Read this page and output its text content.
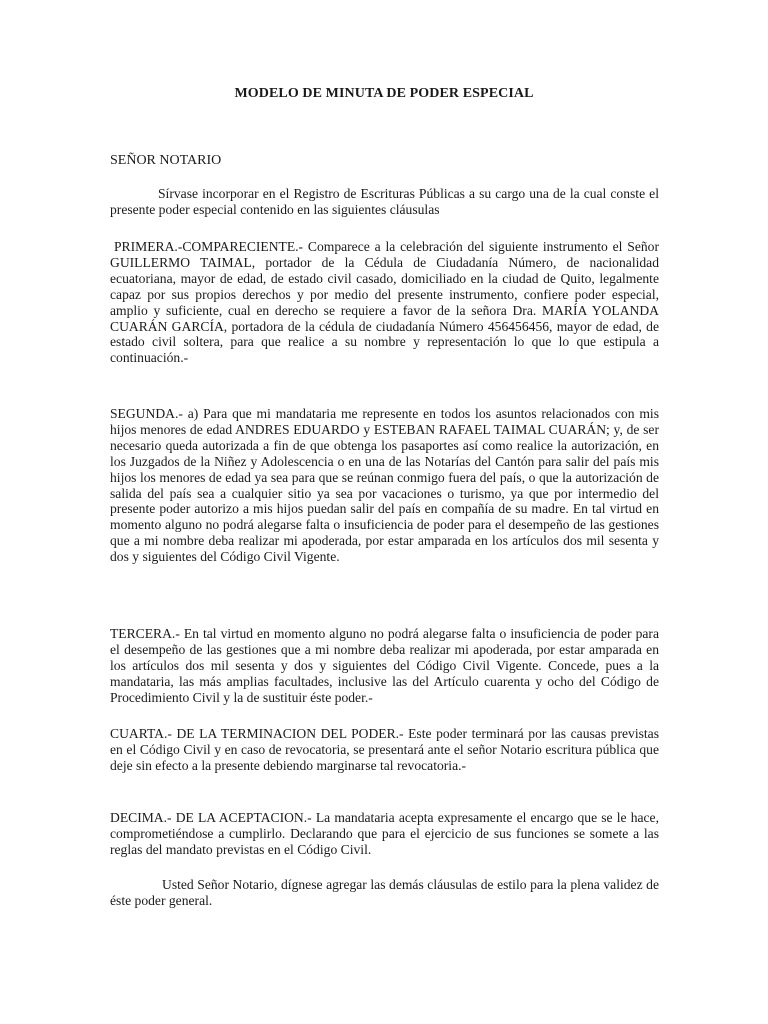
MODELO DE MINUTA DE PODER ESPECIAL
SEÑOR NOTARIO

Sírvase incorporar en el Registro de Escrituras Públicas a su cargo una de la cual conste el presente poder especial contenido en las siguientes cláusulas

PRIMERA.-COMPARECIENTE.- Comparece a la celebración del siguiente instrumento el Señor GUILLERMO TAIMAL, portador de la Cédula de Ciudadanía Número, de nacionalidad ecuatoriana, mayor de edad, de estado civil casado, domiciliado en la ciudad de Quito, legalmente capaz por sus propios derechos y por medio del presente instrumento, confiere poder especial, amplio y suficiente, cual en derecho se requiere a favor de la señora Dra. MARÍA YOLANDA CUARÁN GARCÍA, portadora de la cédula de ciudadanía Número 456456456, mayor de edad, de estado civil soltera, para que realice a su nombre y representación lo que lo que estipula a continuación.-

SEGUNDA.- a) Para que mi mandataria me represente en todos los asuntos relacionados con mis hijos menores de edad ANDRES EDUARDO y ESTEBAN RAFAEL TAIMAL CUARÁN; y, de ser necesario queda autorizada a fin de que obtenga los pasaportes así como realice la autorización, en los Juzgados de la Niñez y Adolescencia o en una de las Notarías del Cantón para salir del país mis hijos los menores de edad ya sea para que se reúnan conmigo fuera del país, o que la autorización de salida del país sea a cualquier sitio ya sea por vacaciones o turismo, ya que por intermedio del presente poder autorizo a mis hijos puedan salir del país en compañía de su madre. En tal virtud en momento alguno no podrá alegarse falta o insuficiencia de poder para el desempeño de las gestiones que a mi nombre deba realizar mi apoderada, por estar amparada en los artículos dos mil sesenta y dos y siguientes del Código Civil Vigente.

TERCERA.- En tal virtud en momento alguno no podrá alegarse falta o insuficiencia de poder para el desempeño de las gestiones que a mi nombre deba realizar mi apoderada, por estar amparada en los artículos dos mil sesenta y dos y siguientes del Código Civil Vigente. Concede, pues a la mandataria, las más amplias facultades, inclusive las del Artículo cuarenta y ocho del Código de Procedimiento Civil y la de sustituir éste poder.-

CUARTA.- DE LA TERMINACION DEL PODER.- Este poder terminará por las causas previstas en el Código Civil y en caso de revocatoria, se presentará ante el señor Notario escritura pública que deje sin efecto a la presente debiendo marginarse tal revocatoria.-

DECIMA.- DE LA ACEPTACION.- La mandataria acepta expresamente el encargo que se le hace, comprometiéndose a cumplirlo. Declarando que para el ejercicio de sus funciones se somete a las reglas del mandato previstas en el Código Civil.

Usted Señor Notario, dígnese agregar las demás cláusulas de estilo para la plena validez de éste poder general.
